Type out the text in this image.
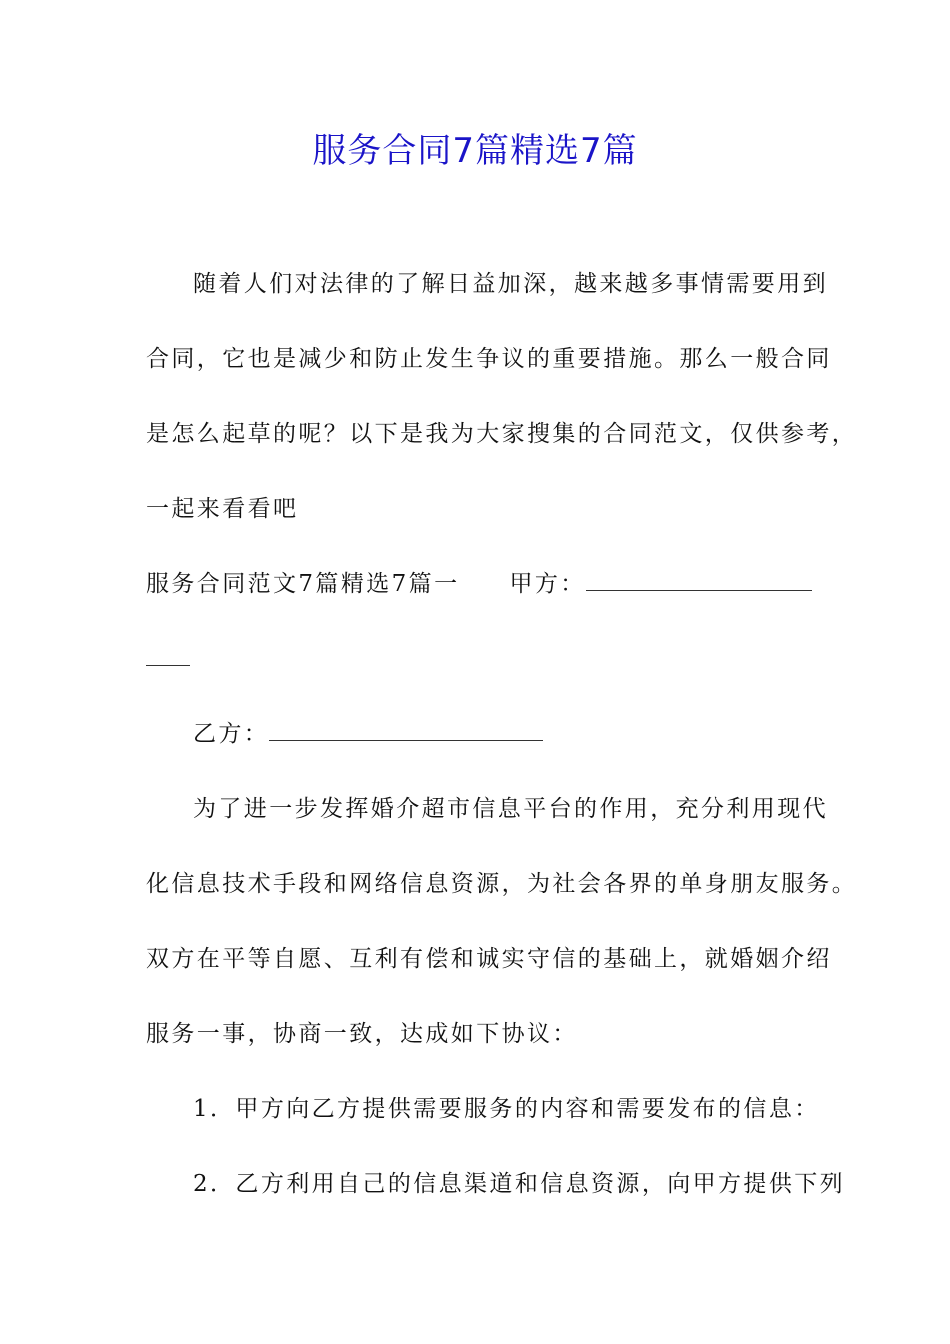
服务合同7篇精选7篇
随着人们对法律的了解日益加深，越来越多事情需要用到
合同，它也是减少和防止发生争议的重要措施。那么一般合同
是怎么起草的呢？以下是我为大家搜集的合同范文，仅供参考，
一起来看看吧
服务合同范文7篇精选7篇一 甲方：
乙方：
为了进一步发挥婚介超市信息平台的作用，充分利用现代
化信息技术手段和网络信息资源，为社会各界的单身朋友服务。
双方在平等自愿、互利有偿和诚实守信的基础上，就婚姻介绍
服务一事，协商一致，达成如下协议：
1．甲方向乙方提供需要服务的内容和需要发布的信息：
2．乙方利用自己的信息渠道和信息资源，向甲方提供下列
